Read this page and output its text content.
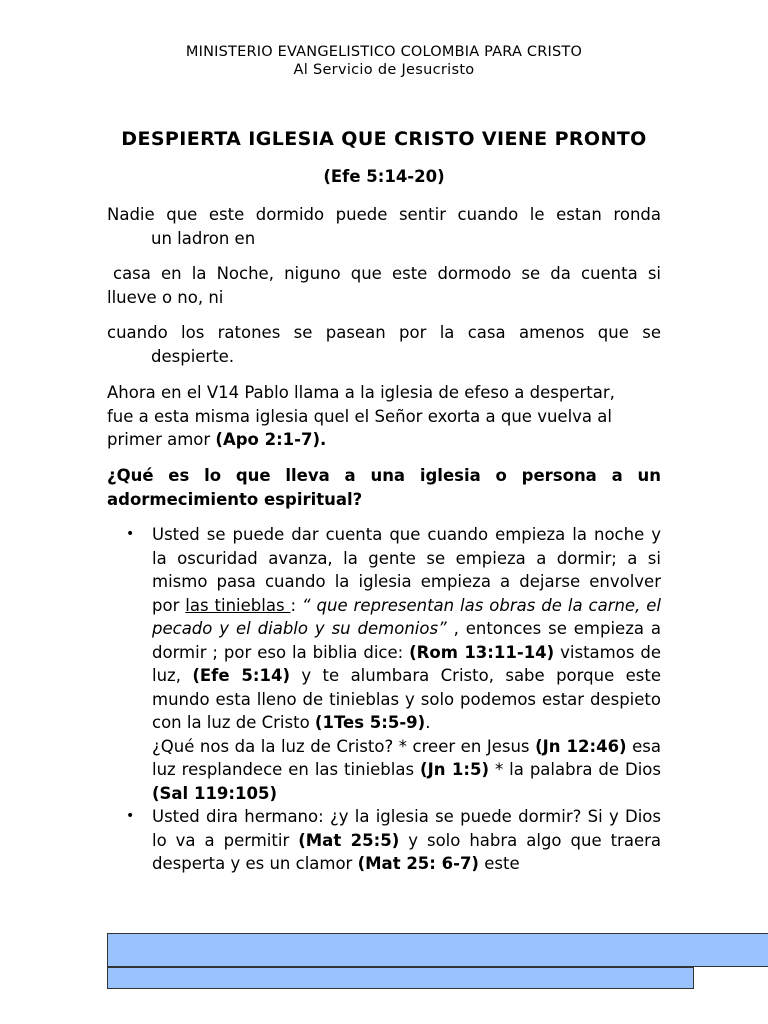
MINISTERIO EVANGELISTICO COLOMBIA PARA CRISTO
Al Servicio de Jesucristo
DESPIERTA IGLESIA QUE CRISTO VIENE PRONTO
(Efe 5:14-20)
Nadie que este dormido puede sentir cuando le estan ronda
un ladron en
casa en la Noche, niguno que este dormodo se da cuenta si
llueve o no, ni
cuando los ratones se pasean por la casa amenos que se
despierte.
Ahora en el V14 Pablo llama a la iglesia de efeso a despertar,
fue a esta misma iglesia quel el Señor exorta a que vuelva al
primer amor (Apo 2:1-7).
¿Qué es lo que lleva a una iglesia o persona a un adormecimiento espiritual?
• Usted se puede dar cuenta que cuando empieza la noche y la oscuridad avanza, la gente se empieza a dormir; a si mismo pasa cuando la iglesia empieza a dejarse envolver por las tinieblas : “ que representan las obras de la carne, el pecado y el diablo y su demonios” , entonces se empieza a dormir ; por eso la biblia dice: (Rom 13:11-14) vistamos de luz, (Efe 5:14) y te alumbara Cristo, sabe porque este mundo esta lleno de tinieblas y solo podemos estar despieto con la luz de Cristo (1Tes 5:5-9).
¿Qué nos da la luz de Cristo? * creer en Jesus (Jn 12:46) esa luz resplandece en las tinieblas (Jn 1:5) * la palabra de Dios (Sal 119:105)
• Usted dira hermano: ¿y la iglesia se puede dormir? Si y Dios lo va a permitir (Mat 25:5) y solo habra algo que traera desperta y es un clamor (Mat 25: 6-7) este
